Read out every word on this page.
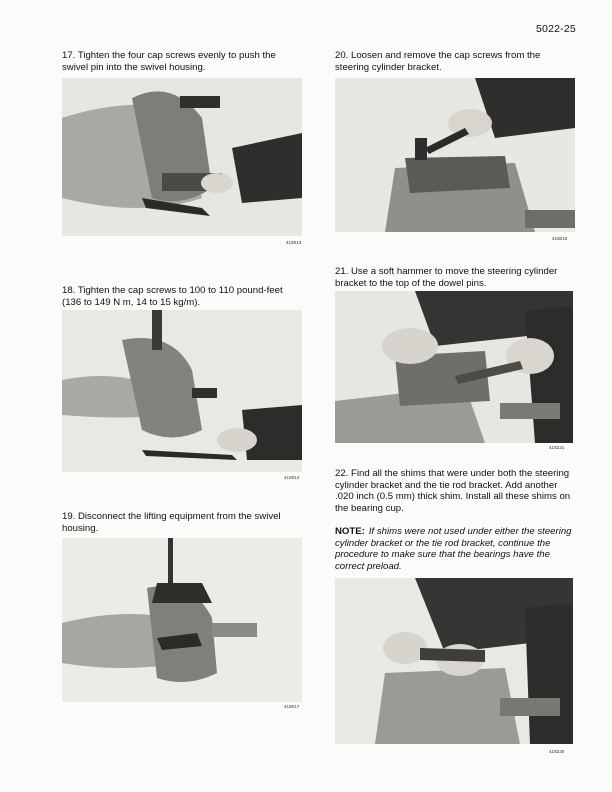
5022-25

17. Tighten the four cap screws evenly to push the swivel pin into the swivel housing.

418013

18. Tighten the cap screws to 100 to 110 pound-feet (136 to 149 N m, 14 to 15 kg/m).

418014

19. Disconnect the lifting equipment from the swivel housing.

418017

20. Loosen and remove the cap screws from the steering cylinder bracket.

418016

21. Use a soft hammer to move the steering cylinder bracket to the top of the dowel pins.

418221

22. Find all the shims that were under both the steering cylinder bracket and the tie rod bracket. Add another .020 inch (0.5 mm) thick shim. Install all these shims on the bearing cup.

NOTE: If shims were not used under either the steering cylinder bracket or the tie rod bracket, continue the procedure to make sure that the bearings have the correct preload.

418225
